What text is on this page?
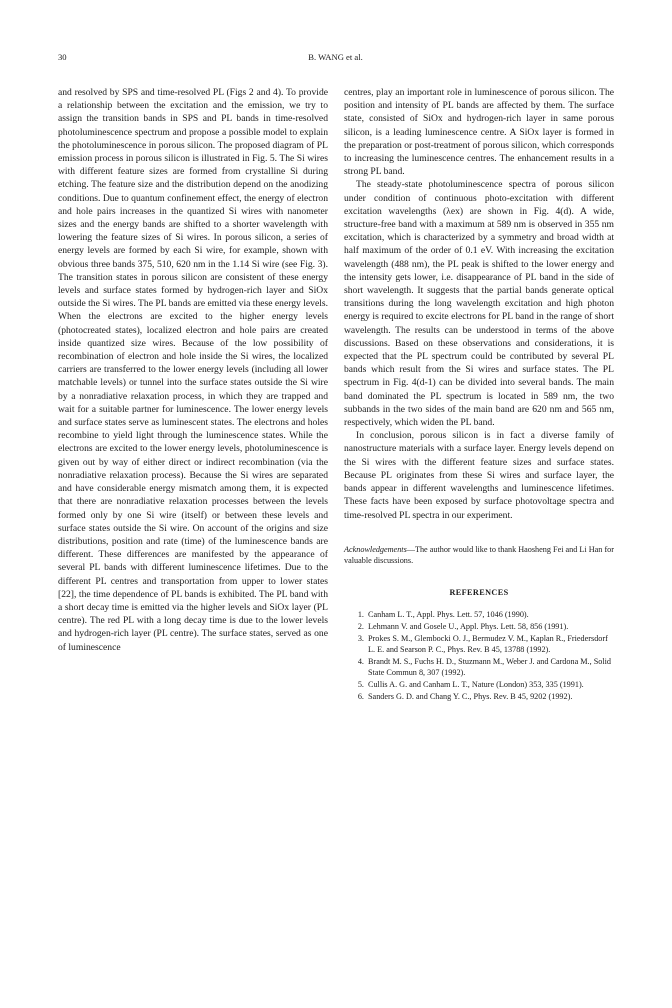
30	B. WANG et al.

and resolved by SPS and time-resolved PL (Figs 2 and 4). To provide a relationship between the excitation and the emission, we try to assign the transition bands in SPS and PL bands in time-resolved photoluminescence spectrum and propose a possible model to explain the photoluminescence in porous silicon. The proposed diagram of PL emission process in porous silicon is illustrated in Fig. 5. The Si wires with different feature sizes are formed from crystalline Si during etching. The feature size and the distribution depend on the anodizing conditions. Due to quantum confinement effect, the energy of electron and hole pairs increases in the quantized Si wires with nanometer sizes and the energy bands are shifted to a shorter wavelength with lowering the feature sizes of Si wires. In porous silicon, a series of energy levels are formed by each Si wire, for example, shown with obvious three bands 375, 510, 620 nm in the 1.14 Si wire (see Fig. 3). The transition states in porous silicon are consistent of these energy levels and surface states formed by hydrogen-rich layer and SiOx outside the Si wires. The PL bands are emitted via these energy levels. When the electrons are excited to the higher energy levels (photocreated states), localized electron and hole pairs are created inside quantized size wires. Because of the low possibility of recombination of electron and hole inside the Si wires, the localized carriers are transferred to the lower energy levels (including all lower matchable levels) or tunnel into the surface states outside the Si wire by a nonradiative relaxation process, in which they are trapped and wait for a suitable partner for luminescence. The lower energy levels and surface states serve as luminescent states. The electrons and holes recombine to yield light through the luminescence states. While the electrons are excited to the lower energy levels, photoluminescence is given out by way of either direct or indirect recombination (via the nonradiative relaxation process). Because the Si wires are separated and have considerable energy mismatch among them, it is expected that there are nonradiative relaxation processes between the levels formed only by one Si wire (itself) or between these levels and surface states outside the Si wire. On account of the origins and size distributions, position and rate (time) of the luminescence bands are different. These differences are manifested by the appearance of several PL bands with different luminescence lifetimes. Due to the different PL centres and transportation from upper to lower states [22], the time dependence of PL bands is exhibited. The PL band with a short decay time is emitted via the higher levels and SiOx layer (PL centre). The red PL with a long decay time is due to the lower levels and hydrogen-rich layer (PL centre). The surface states, served as one of luminescence

centres, play an important role in luminescence of porous silicon. The position and intensity of PL bands are affected by them. The surface state, consisted of SiOx and hydrogen-rich layer in same porous silicon, is a leading luminescence centre. A SiOx layer is formed in the preparation or post-treatment of porous silicon, which corresponds to increasing the luminescence centres. The enhancement results in a strong PL band.

The steady-state photoluminescence spectra of porous silicon under condition of continuous photo-excitation with different excitation wavelengths (λex) are shown in Fig. 4(d). A wide, structure-free band with a maximum at 589 nm is observed in 355 nm excitation, which is characterized by a symmetry and broad width at half maximum of the order of 0.1 eV. With increasing the excitation wavelength (488 nm), the PL peak is shifted to the lower energy and the intensity gets lower, i.e. disappearance of PL band in the side of short wavelength. It suggests that the partial bands generate optical transitions during the long wavelength excitation and high photon energy is required to excite electrons for PL band in the range of short wavelength. The results can be understood in terms of the above discussions. Based on these observations and considerations, it is expected that the PL spectrum could be contributed by several PL bands which result from the Si wires and surface states. The PL spectrum in Fig. 4(d-1) can be divided into several bands. The main band dominated the PL spectrum is located in 589 nm, the two subbands in the two sides of the main band are 620 nm and 565 nm, respectively, which widen the PL band.

In conclusion, porous silicon is in fact a diverse family of nanostructure materials with a surface layer. Energy levels depend on the Si wires with the different feature sizes and surface states. Because PL originates from these Si wires and surface layer, the bands appear in different wavelengths and luminescence lifetimes. These facts have been exposed by surface photovoltage spectra and time-resolved PL spectra in our experiment.

Acknowledgements—The author would like to thank Haosheng Fei and Li Han for valuable discussions.

REFERENCES
1. Canham L. T., Appl. Phys. Lett. 57, 1046 (1990).
2. Lehmann V. and Gosele U., Appl. Phys. Lett. 58, 856 (1991).
3. Prokes S. M., Glembocki O. J., Bermudez V. M., Kaplan R., Friedersdorf L. E. and Searson P. C., Phys. Rev. B 45, 13788 (1992).
4. Brandt M. S., Fuchs H. D., Stuzmann M., Weber J. and Cardona M., Solid State Commun 8, 307 (1992).
5. Cullis A. G. and Canham L. T., Nature (London) 353, 335 (1991).
6. Sanders G. D. and Chang Y. C., Phys. Rev. B 45, 9202 (1992).
